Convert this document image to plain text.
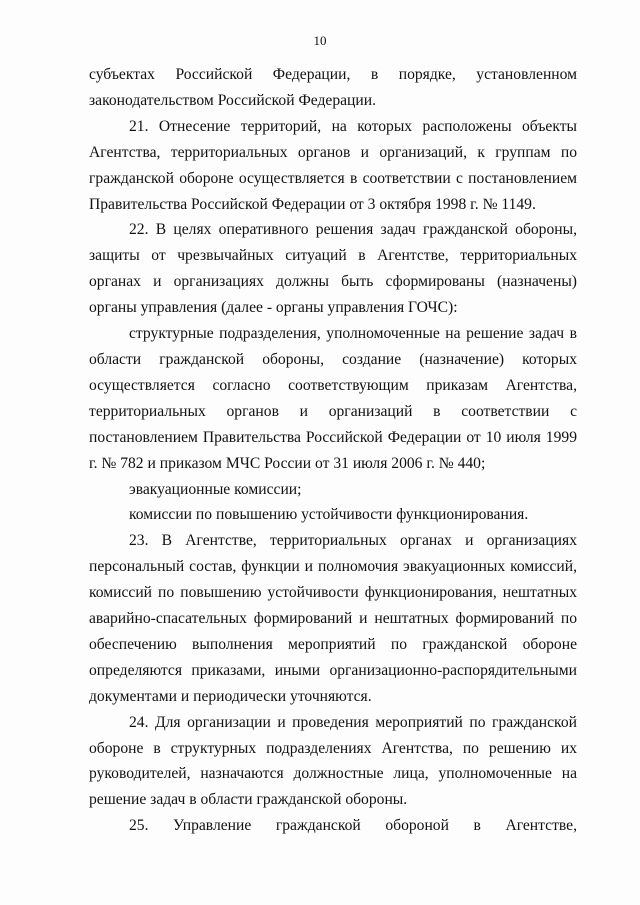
10

субъектах Российской Федерации, в порядке, установленном законодательством Российской Федерации.

21. Отнесение территорий, на которых расположены объекты Агентства, территориальных органов и организаций, к группам по гражданской обороне осуществляется в соответствии с постановлением Правительства Российской Федерации от 3 октября 1998 г. № 1149.

22. В целях оперативного решения задач гражданской обороны, защиты от чрезвычайных ситуаций в Агентстве, территориальных органах и организациях должны быть сформированы (назначены) органы управления (далее - органы управления ГОЧС):

структурные подразделения, уполномоченные на решение задач в области гражданской обороны, создание (назначение) которых осуществляется согласно соответствующим приказам Агентства, территориальных органов и организаций в соответствии с постановлением Правительства Российской Федерации от 10 июля 1999 г. № 782 и приказом МЧС России от 31 июля 2006 г. № 440;

эвакуационные комиссии;

комиссии по повышению устойчивости функционирования.

23. В Агентстве, территориальных органах и организациях персональный состав, функции и полномочия эвакуационных комиссий, комиссий по повышению устойчивости функционирования, нештатных аварийно-спасательных формирований и нештатных формирований по обеспечению выполнения мероприятий по гражданской обороне определяются приказами, иными организационно-распорядительными документами и периодически уточняются.

24. Для организации и проведения мероприятий по гражданской обороне в структурных подразделениях Агентства, по решению их руководителей, назначаются должностные лица, уполномоченные на решение задач в области гражданской обороны.

25. Управление гражданской обороной в Агентстве,
